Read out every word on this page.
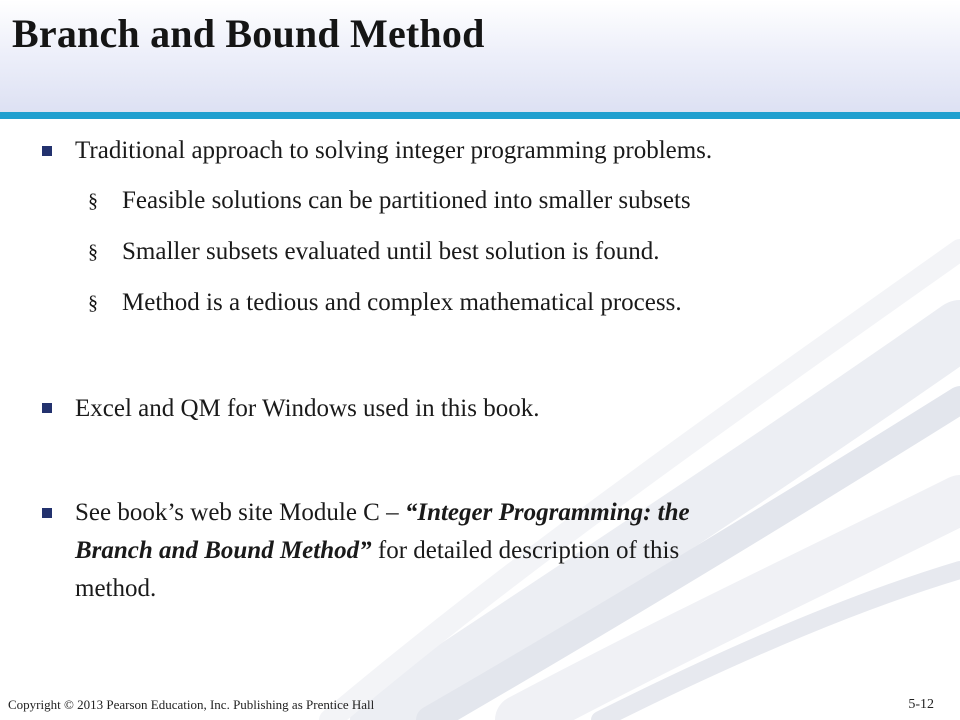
Branch and Bound Method
Traditional approach to solving integer programming problems.
§ Feasible solutions can be partitioned into smaller subsets
§ Smaller subsets evaluated until best solution is found.
§ Method is a tedious and complex mathematical process.
Excel and QM for Windows used in this book.
See book’s web site Module C – “Integer Programming: the
Branch and Bound Method” for detailed description of this
method.
Copyright © 2013 Pearson Education, Inc. Publishing as Prentice Hall	5-12
